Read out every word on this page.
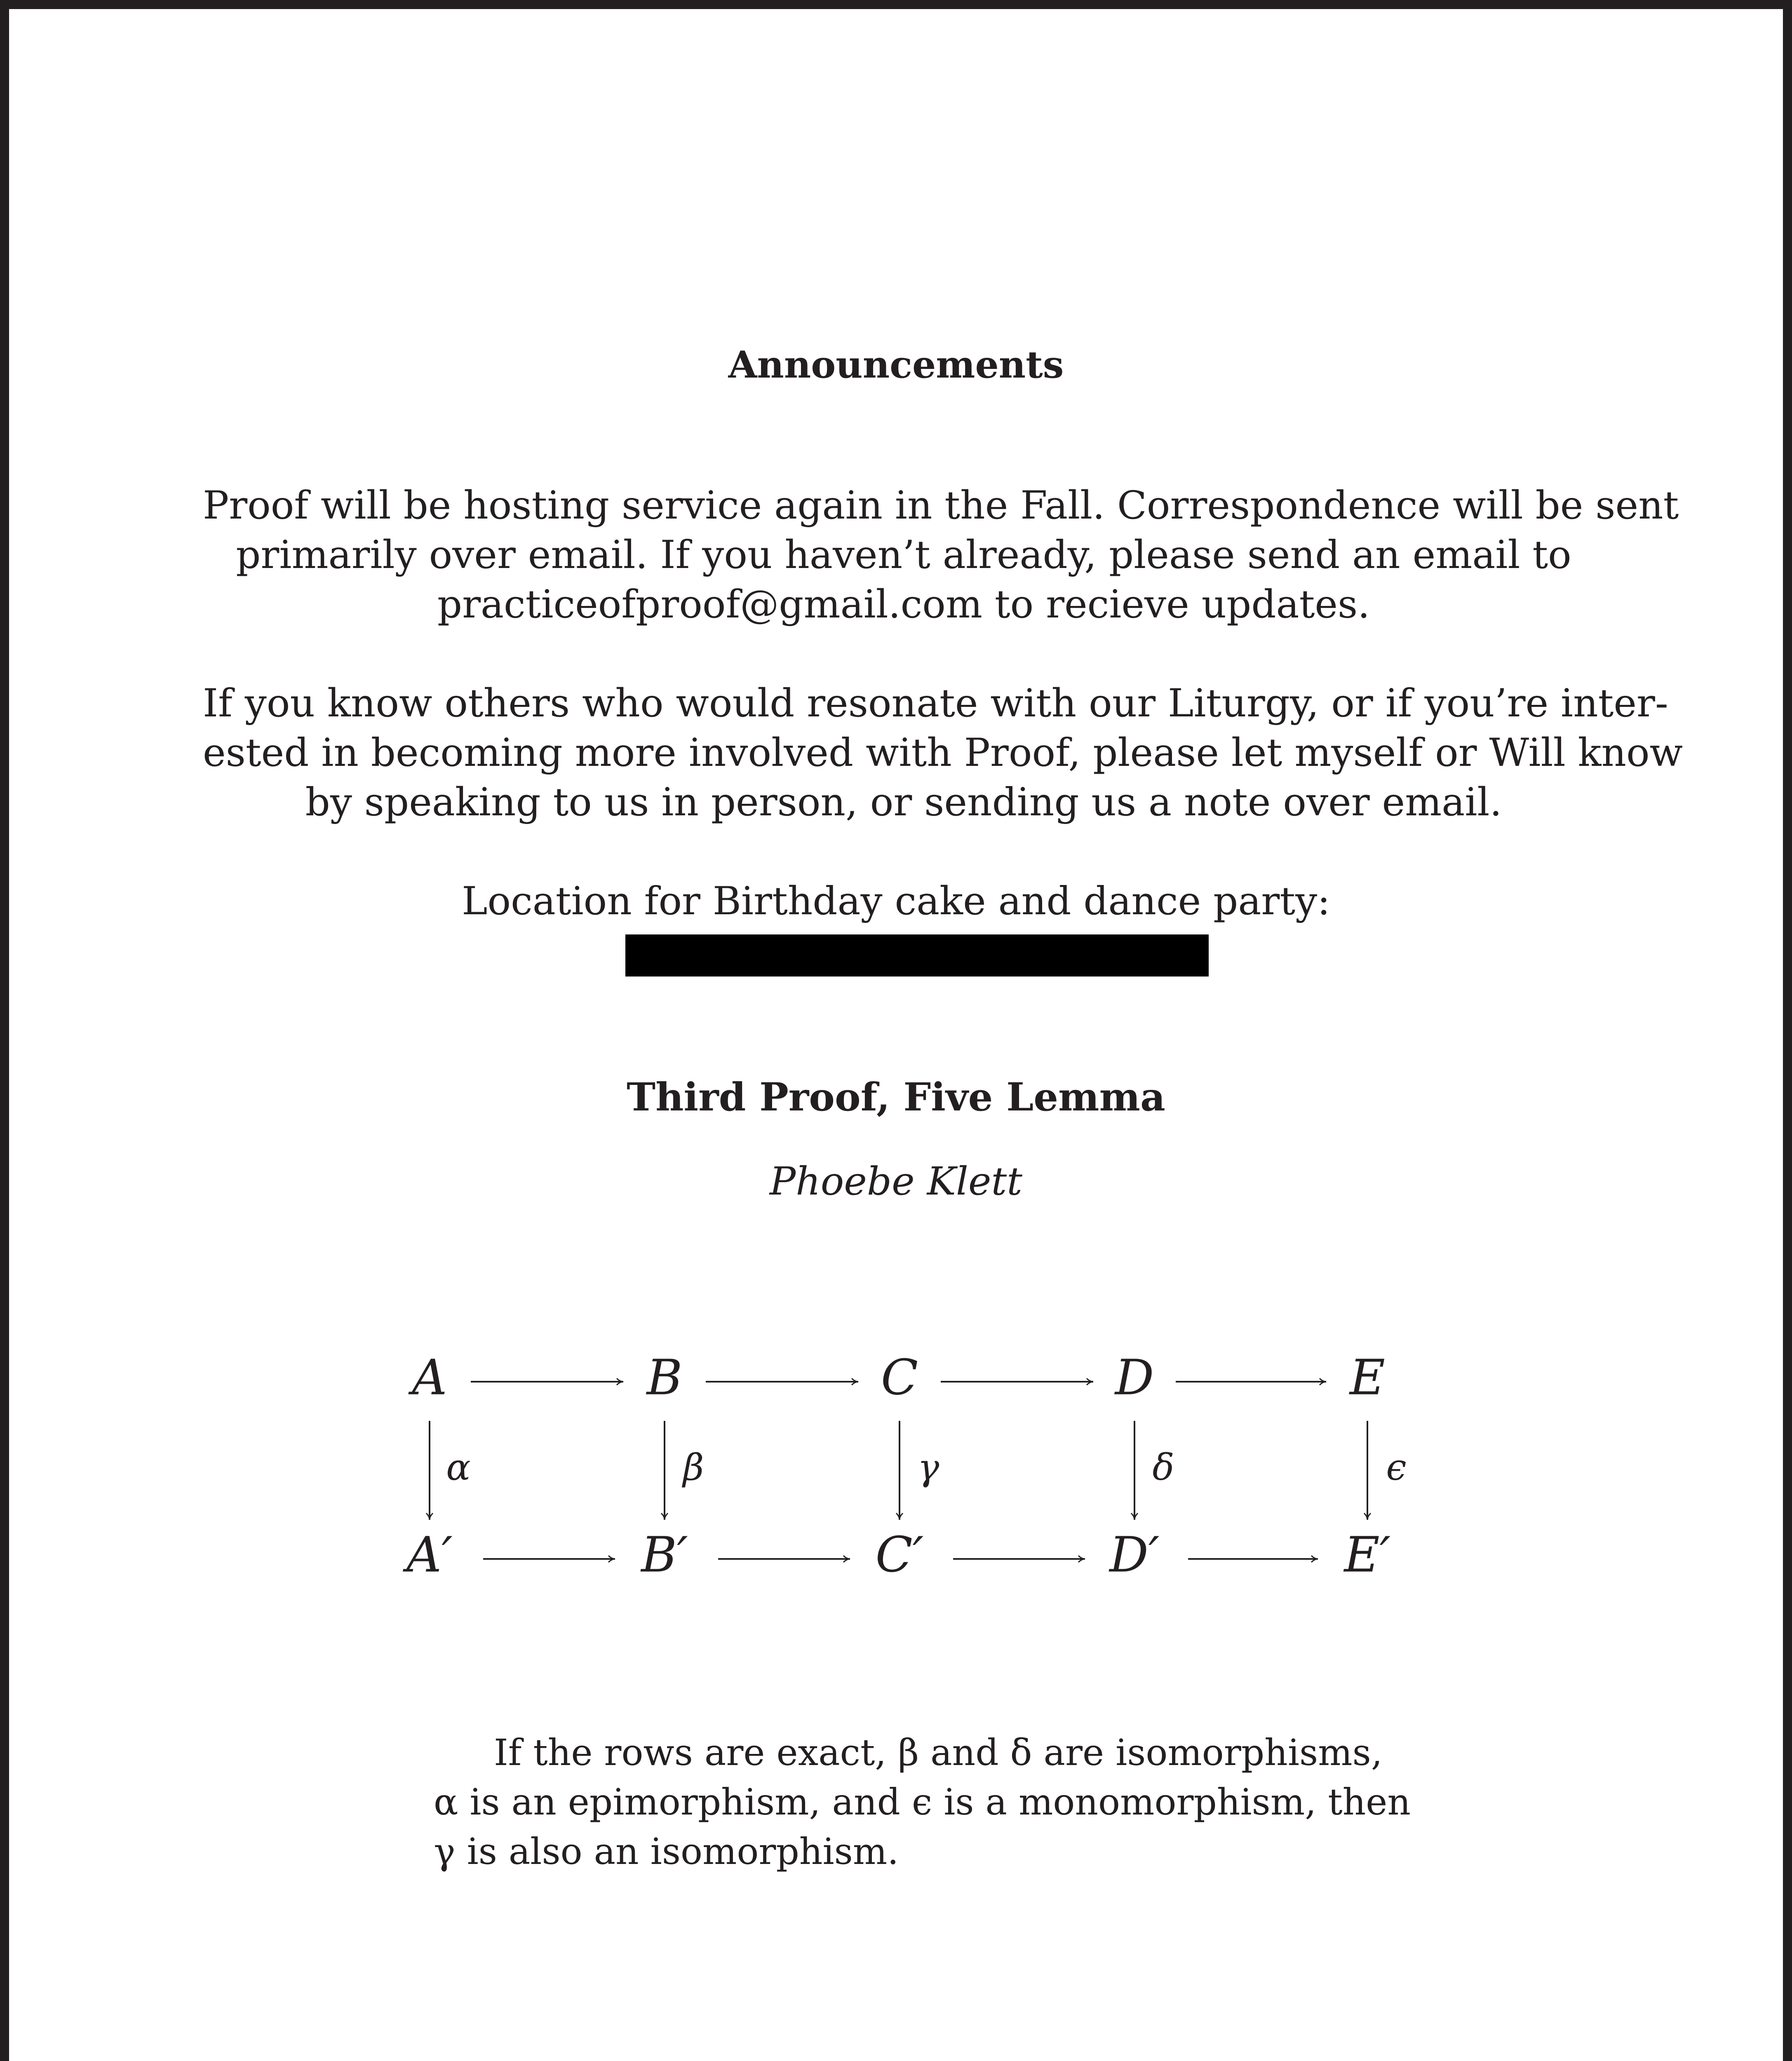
Announcements
Proof will be hosting service again in the Fall. Correspondence will be sent
primarily over email. If you haven’t already, please send an email to
practiceofproof@gmail.com to recieve updates.
If you know others who would resonate with our Liturgy, or if you’re inter-
ested in becoming more involved with Proof, please let myself or Will know
by speaking to us in person, or sending us a note over email.
Location for Birthday cake and dance party:
Third Proof, Five Lemma
Phoebe Klett
A	B	C	D	E
A′	B′	C′	D′	E′
α	β	γ	δ	ϵ
If the rows are exact, β and δ are isomorphisms,
α is an epimorphism, and ϵ is a monomorphism, then
γ is also an isomorphism.
